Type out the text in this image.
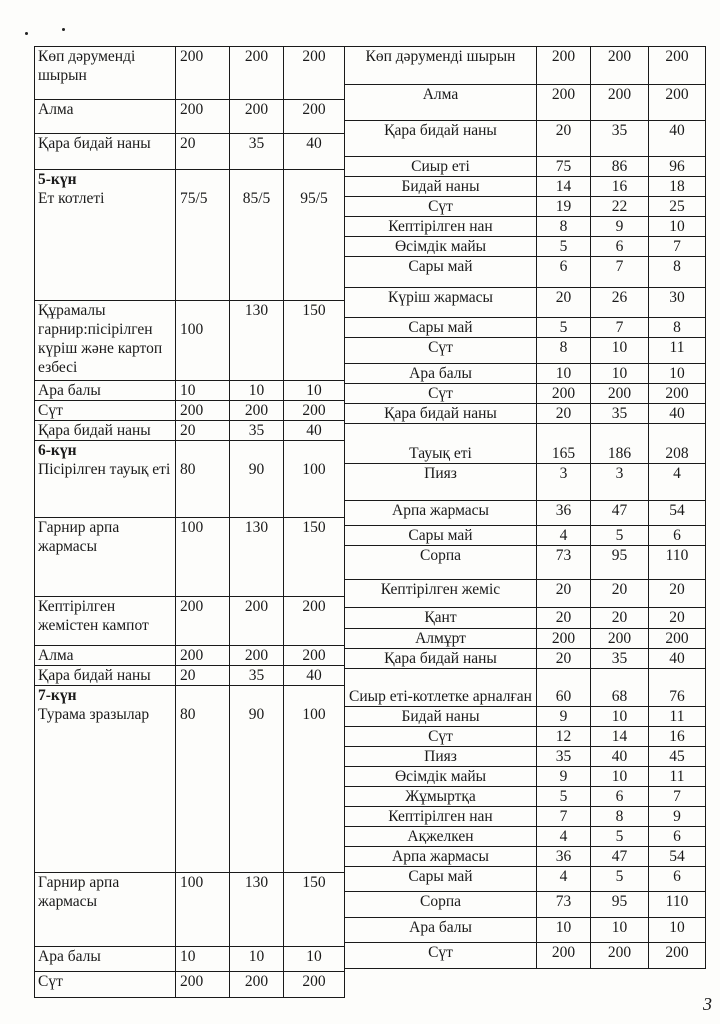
Көп дәрумендi шырын	200	200	200

Алма	200	200	200

Қара бидай наны	20	35	40

5-күн
Ет котлетi	75/5	85/5	95/5

Құрамалы гарнир:пiсiрiлген күрiш және картоп езбесi	100	130	150

Ара балы	10	10	10

Сүт	200	200	200

Қара бидай наны	20	35	40

6-күн
Пiсiрiлген тауық етi	80	90	100

Гарнир арпа жармасы	100	130	150

Кептiрiлген жемiстен кампот	200	200	200

Алма	200	200	200

Қара бидай наны	20	35	40

7-күн
Турама зразылар	80	90	100

Гарнир арпа жармасы	100	130	150

Ара балы	10	10	10

Сүт	200	200	200
Көп дәрумендi шырын	200	200	200
Алма	200	200	200
Қара бидай наны	20	35	40
Сиыр етi	75	86	96
Бидай наны	14	16	18
Сүт	19	22	25
Кептiрiлген нан	8	9	10
Өсiмдiк майы	5	6	7
Сары май	6	7	8
Күрiш жармасы	20	26	30
Сары май	5	7	8
Сүт	8	10	11
Ара балы	10	10	10
Сүт	200	200	200
Қара бидай наны	20	35	40
Тауық етi	165	186	208
Пияз	3	3	4
Арпа жармасы	36	47	54
Сары май	4	5	6
Сорпа	73	95	110
Кептiрiлген жемiс	20	20	20
Қант	20	20	20
Алмұрт	200	200	200
Қара бидай наны	20	35	40
Сиыр етi-котлетке арналған	60	68	76
Бидай наны	9	10	11
Сүт	12	14	16
Пияз	35	40	45
Өсiмдiк майы	9	10	11
Жұмыртқа	5	6	7
Кептiрiлген нан	7	8	9
Ақжелкен	4	5	6
Арпа жармасы	36	47	54
Сары май	4	5	6
Сорпа	73	95	110
Ара балы	10	10	10
Сүт	200	200	200
3
